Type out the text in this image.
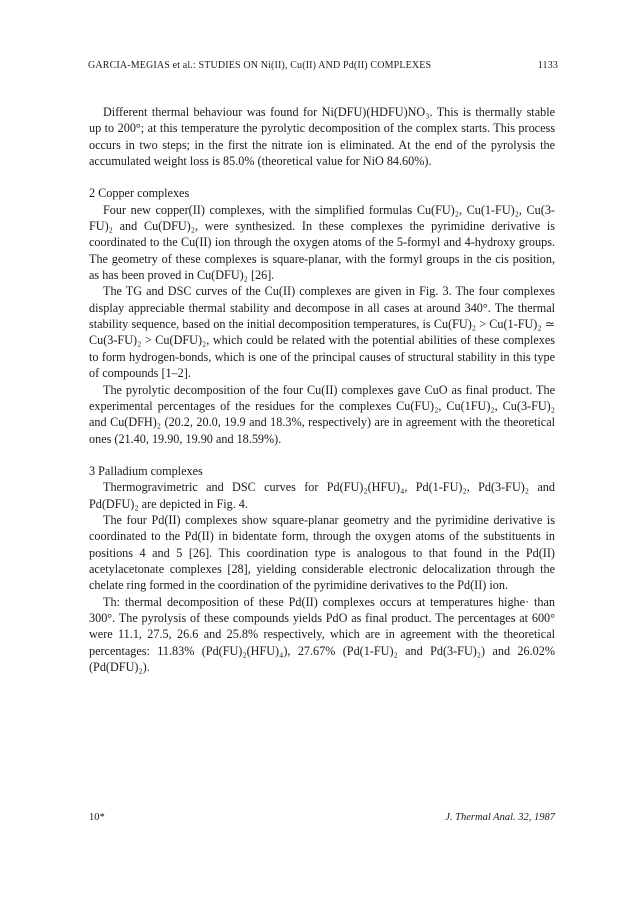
GARCIA-MEGIAS et al.: STUDIES ON Ni(II), Cu(II) AND Pd(II) COMPLEXES	1133

Different thermal behaviour was found for Ni(DFU)(HDFU)NO₃. This is thermally stable up to 200°; at this temperature the pyrolytic decomposition of the complex starts. This process occurs in two steps; in the first the nitrate ion is eliminated. At the end of the pyrolysis the accumulated weight loss is 85.0% (theoretical value for NiO 84.60%).

2 Copper complexes

Four new copper(II) complexes, with the simplified formulas Cu(FU)₂, Cu(1-FU)₂, Cu(3-FU)₂ and Cu(DFU)₂, were synthesized. In these complexes the pyrimidine derivative is coordinated to the Cu(II) ion through the oxygen atoms of the 5-formyl and 4-hydroxy groups. The geometry of these complexes is square-planar, with the formyl groups in the cis position, as has been proved in Cu(DFU)₂ [26].

The TG and DSC curves of the Cu(II) complexes are given in Fig. 3. The four complexes display appreciable thermal stability and decompose in all cases at around 340°. The thermal stability sequence, based on the initial decomposition temperatures, is Cu(FU)₂ > Cu(1-FU)₂ ≃ Cu(3-FU)₂ > Cu(DFU)₂, which could be related with the potential abilities of these complexes to form hydrogen-bonds, which is one of the principal causes of structural stability in this type of compounds [1–2].

The pyrolytic decomposition of the four Cu(II) complexes gave CuO as final product. The experimental percentages of the residues for the complexes Cu(FU)₂, Cu(1FU)₂, Cu(3-FU)₂ and Cu(DFH)₂ (20.2, 20.0, 19.9 and 18.3%, respectively) are in agreement with the theoretical ones (21.40, 19.90, 19.90 and 18.59%).

3 Palladium complexes

Thermogravimetric and DSC curves for Pd(FU)₂(HFU)₄, Pd(1-FU)₂, Pd(3-FU)₂ and Pd(DFU)₂ are depicted in Fig. 4.

The four Pd(II) complexes show square-planar geometry and the pyrimidine derivative is coordinated to the Pd(II) in bidentate form, through the oxygen atoms of the substituents in positions 4 and 5 [26]. This coordination type is analogous to that found in the Pd(II) acetylacetonate complexes [28], yielding considerable electronic delocalization through the chelate ring formed in the coordination of the pyrimidine derivatives to the Pd(II) ion.

Th: thermal decomposition of these Pd(II) complexes occurs at temperatures highe· than 300°. The pyrolysis of these compounds yields PdO as final product. The percentages at 600° were 11.1, 27.5, 26.6 and 25.8% respectively, which are in agreement with the theoretical percentages: 11.83% (Pd(FU)₂(HFU)₄), 27.67% (Pd(1-FU)₂ and Pd(3-FU)₂) and 26.02% (Pd(DFU)₂).

10*	J. Thermal Anal. 32, 1987
